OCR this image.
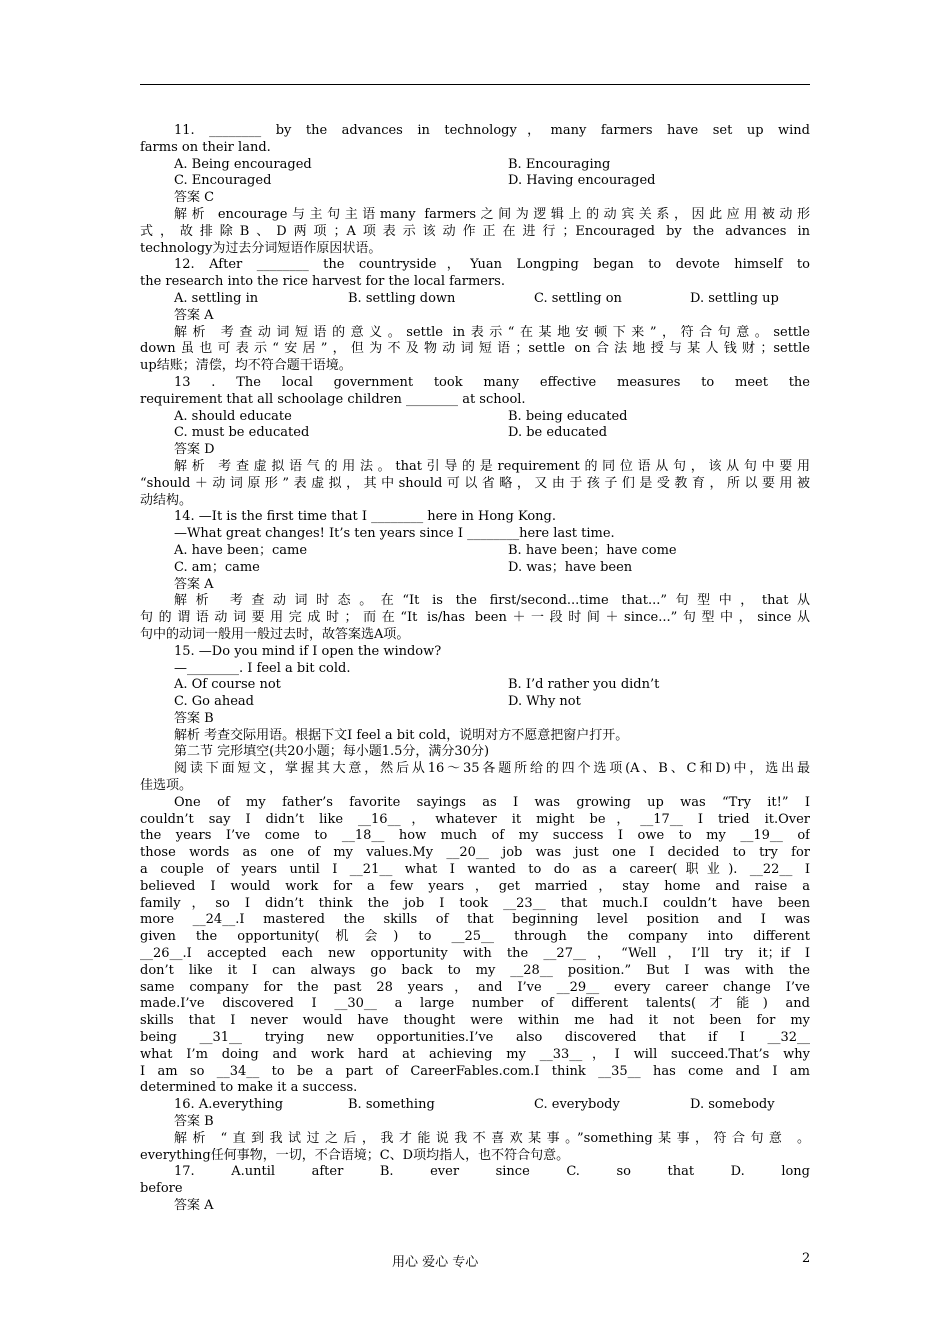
11. ________ by the advances in technology，many farmers have set up wind
farms on their land.
A. Being encouraged	B. Encouraging
C. Encouraged	D. Having encouraged
答案 C
解析 encourage与主句主语many farmers之间为逻辑上的动宾关系，因此应用被动形
式，故排除B、D两项；A项表示该动作正在进行；Encouraged by the advances in
technology为过去分词短语作原因状语。
12. After ________ the countryside，Yuan Longping began to devote himself to
the research into the rice harvest for the local farmers.
A. settling in	B. settling down	C. settling on	D. settling up
答案 A
解析 考查动词短语的意义。settle in表示“在某地安顿下来”，符合句意。settle
down虽也可表示“安居”，但为不及物动词短语；settle on合法地授与某人钱财；settle
up结账；清偿，均不符合题干语境。
13 . The local government took many effective measures to meet the
requirement that all schoolage children ________ at school.
A. should educate	B. being educated
C. must be educated	D. be educated
答案 D
解析 考查虚拟语气的用法。that引导的是requirement的同位语从句，该从句中要用
“should＋动词原形”表虚拟，其中should可以省略，又由于孩子们是受教育，所以要用被
动结构。
14. —It is the first time that I ________ here in Hong Kong.
—What great changes! It’s ten years since I ________here last time.
A. have been；came	B. have been；have come
C. am；came	D. was；have been
答案 A
解析 考查动词时态。在“It is the first/second...time that...”句型中，that从
句的谓语动词要用完成时；而在“It is/has been＋一段时间＋since...”句型中，since从
句中的动词一般用一般过去时，故答案选A项。
15. —Do you mind if I open the window?
—________. I feel a bit cold.
A. Of course not	B. I’d rather you didn’t
C. Go ahead	D. Why not
答案 B
解析 考查交际用语。根据下文I feel a bit cold，说明对方不愿意把窗户打开。
第二节 完形填空(共20小题；每小题1.5分，满分30分)
阅读下面短文，掌握其大意，然后从16～35各题所给的四个选项(A、B、C和D)中，选出最
佳选项。
One of my father’s favorite sayings as I was growing up was “Try it!” I
couldn’t say I didn’t like __16__，whatever it might be，__17__ I tried it.Over
the years I’ve come to __18__ how much of my success I owe to my __19__ of
those words as one of my values.My __20__ job was just one I decided to try for
a couple of years until I __21__ what I wanted to do as a career(职业). __22__ I
believed I would work for a few years，get married，stay home and raise a
family，so I didn’t think the job I took __23__ that much.I couldn’t have been
more __24__.I mastered the skills of that beginning level position and I was
given the opportunity(机会) to __25__ through the company into different
__26__.I accepted each new opportunity with the __27__，“Well，I’ll try it；if I
don’t like it I can always go back to my __28__ position.” But I was with the
same company for the past 28 years，and I’ve __29__ every career change I’ve
made.I’ve discovered I __30__ a large number of different talents(才能) and
skills that I never would have thought were within me had it not been for my
being __31__ trying new opportunities.I’ve also discovered that if I __32__
what I’m doing and work hard at achieving my __33__，I will succeed.That’s why
I am so __34__ to be a part of CareerFables.com.I think __35__ has come and I am
determined to make it a success.
16. A.everything	B. something	C. everybody	D. somebody
答案 B
解析 “直到我试过之后，我才能说我不喜欢某事。”something某事，符合句意 。
everything任何事物，一切，不合语境；C、D项均指人，也不符合句意。
17. A.until after B. ever since C. so that D. long
before
答案 A
用心 爱心 专心	2
